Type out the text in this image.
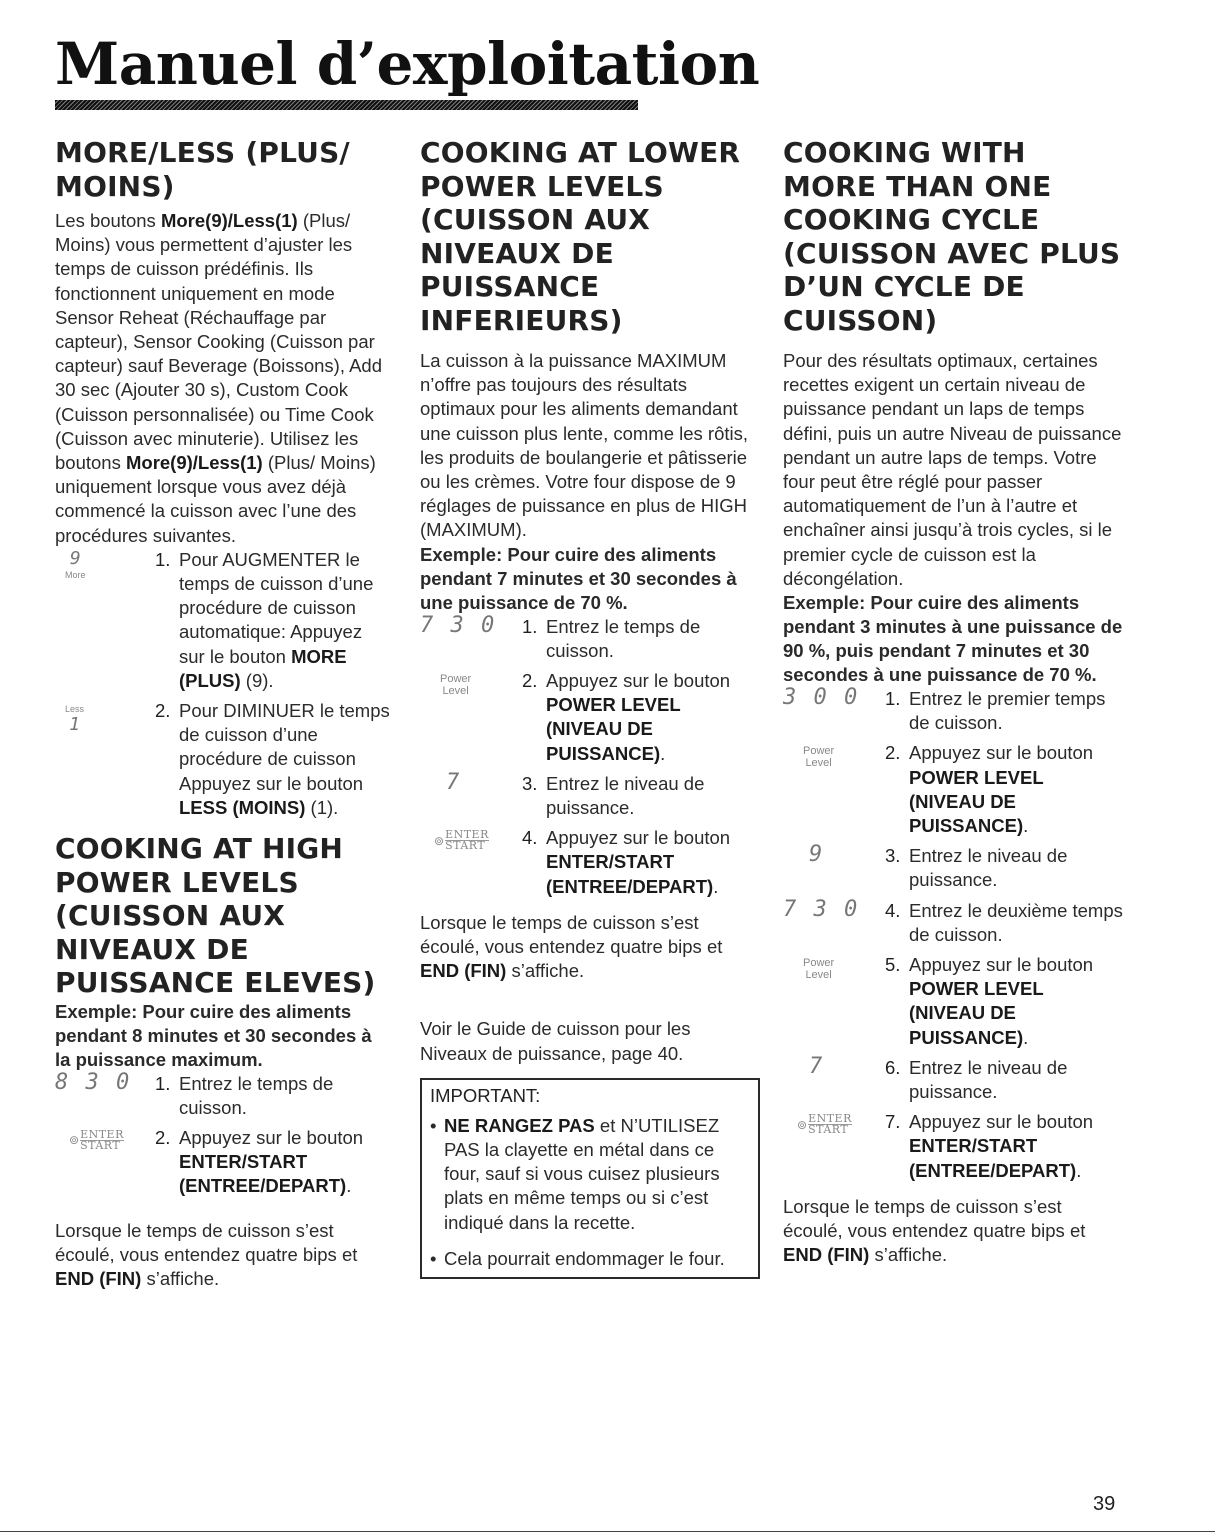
Manuel d’exploitation
MORE/LESS (PLUS/ MOINS)

Les boutons More(9)/Less(1) (Plus/ Moins) vous permettent d’ajuster les temps de cuisson prédéfinis. Ils fonctionnent uniquement en mode Sensor Reheat (Réchauffage par capteur), Sensor Cooking (Cuisson par capteur) sauf Beverage (Boissons), Add 30 sec (Ajouter 30 s), Custom Cook (Cuisson personnalisée) ou Time Cook (Cuisson avec minuterie). Utilisez les boutons More(9)/Less(1) (Plus/ Moins) uniquement lorsque vous avez déjà commencé la cuisson avec l’une des procédures suivantes.

9
More
1. Pour AUGMENTER le temps de cuisson d’une procédure de cuisson automatique: Appuyez sur le bouton MORE (PLUS) (9).
Less
1
2. Pour DIMINUER le temps de cuisson d’une procédure de cuisson Appuyez sur le bouton LESS (MOINS) (1).
COOKING AT HIGH POWER LEVELS (CUISSON AUX NIVEAUX DE PUISSANCE ELEVES)

Exemple: Pour cuire des aliments pendant 8 minutes et 30 secondes à la puissance maximum.

8 3 0	1. Entrez le temps de cuisson.
⊚ ENTER
START 2. Appuyez sur le bouton ENTER/START (ENTREE/DEPART).

Lorsque le temps de cuisson s’est écoulé, vous entendez quatre bips et END (FIN) s’affiche.

COOKING AT LOWER POWER LEVELS (CUISSON AUX NIVEAUX DE PUISSANCE INFERIEURS)

La cuisson à la puissance MAXIMUM n’offre pas toujours des résultats optimaux pour les aliments demandant une cuisson plus lente, comme les rôtis, les produits de boulangerie et pâtisserie ou les crèmes. Votre four dispose de 9 réglages de puissance en plus de HIGH (MAXIMUM).

Exemple: Pour cuire des aliments pendant 7 minutes et 30 secondes à une puissance de 70 %.

7 3 0	1. Entrez le temps de cuisson.
Power
Level	2. Appuyez sur le bouton POWER LEVEL (NIVEAU DE PUISSANCE).
7	3. Entrez le niveau de puissance.
⊚ ENTER
START 4. Appuyez sur le bouton ENTER/START (ENTREE/DEPART).

Lorsque le temps de cuisson s’est écoulé, vous entendez quatre bips et END (FIN) s’affiche.

Voir le Guide de cuisson pour les Niveaux de puissance, page 40.

IMPORTANT:

• NE RANGEZ PAS et N’UTILISEZ PAS la clayette en métal dans ce four, sauf si vous cuisez plusieurs plats en même temps ou si c’est indiqué dans la recette.

• Cela pourrait endommager le four.

COOKING WITH MORE THAN ONE COOKING CYCLE (CUISSON AVEC PLUS D’UN CYCLE DE CUISSON)

Pour des résultats optimaux, certaines recettes exigent un certain niveau de puissance pendant un laps de temps défini, puis un autre Niveau de puissance pendant un autre laps de temps. Votre four peut être réglé pour passer automatiquement de l’un à l’autre et enchaîner ainsi jusqu’à trois cycles, si le premier cycle de cuisson est la décongélation.

Exemple: Pour cuire des aliments pendant 3 minutes à une puissance de 90 %, puis pendant 7 minutes et 30 secondes à une puissance de 70 %.

3 0 0	1. Entrez le premier temps de cuisson.
Power
Level	2. Appuyez sur le bouton POWER LEVEL (NIVEAU DE PUISSANCE).
9	3. Entrez le niveau de puissance.
7 3 0	4. Entrez le deuxième temps de cuisson.
Power
Level	5. Appuyez sur le bouton POWER LEVEL (NIVEAU DE PUISSANCE).
7	6. Entrez le niveau de puissance.
⊚ ENTER
START 7. Appuyez sur le bouton ENTER/START (ENTREE/DEPART).

Lorsque le temps de cuisson s’est écoulé, vous entendez quatre bips et END (FIN) s’affiche.

39
